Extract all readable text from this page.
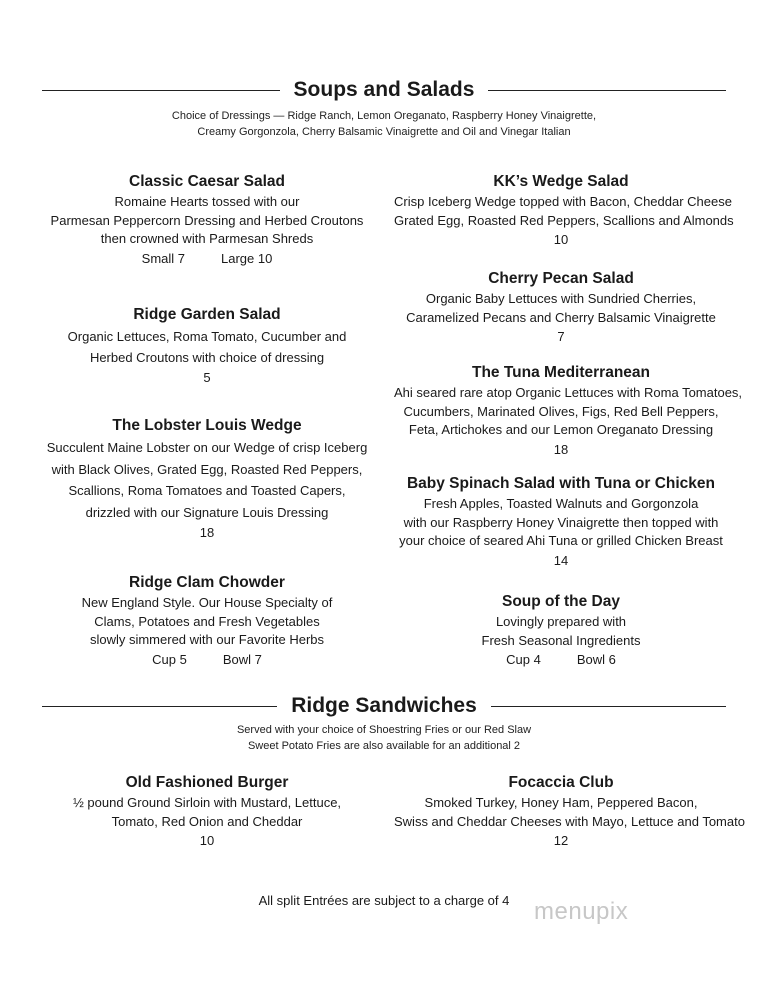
Soups and Salads
Choice of Dressings — Ridge Ranch, Lemon Oreganato, Raspberry Honey Vinaigrette,
Creamy Gorgonzola, Cherry Balsamic Vinaigrette and Oil and Vinegar Italian
Classic Caesar Salad
Romaine Hearts tossed with our
Parmesan Peppercorn Dressing and Herbed Croutons
then crowned with Parmesan Shreds
Small 7	Large 10
Ridge Garden Salad
Organic Lettuces, Roma Tomato, Cucumber and
Herbed Croutons with choice of dressing
5
The Lobster Louis Wedge
Succulent Maine Lobster on our Wedge of crisp Iceberg
with Black Olives, Grated Egg, Roasted Red Peppers,
Scallions, Roma Tomatoes and Toasted Capers,
drizzled with our Signature Louis Dressing
18
Ridge Clam Chowder
New England Style. Our House Specialty of
Clams, Potatoes and Fresh Vegetables
slowly simmered with our Favorite Herbs
Cup 5	Bowl 7
KK’s Wedge Salad
Crisp Iceberg Wedge topped with Bacon, Cheddar Cheese
Grated Egg, Roasted Red Peppers, Scallions and Almonds
10
Cherry Pecan Salad
Organic Baby Lettuces with Sundried Cherries,
Caramelized Pecans and Cherry Balsamic Vinaigrette
7
The Tuna Mediterranean
Ahi seared rare atop Organic Lettuces with Roma Tomatoes,
Cucumbers, Marinated Olives, Figs, Red Bell Peppers,
Feta, Artichokes and our Lemon Oreganato Dressing
18
Baby Spinach Salad with Tuna or Chicken
Fresh Apples, Toasted Walnuts and Gorgonzola
with our Raspberry Honey Vinaigrette then topped with
your choice of seared Ahi Tuna or grilled Chicken Breast
14
Soup of the Day
Lovingly prepared with
Fresh Seasonal Ingredients
Cup 4	Bowl 6
Ridge Sandwiches
Served with your choice of Shoestring Fries or our Red Slaw
Sweet Potato Fries are also available for an additional 2
Old Fashioned Burger
½ pound Ground Sirloin with Mustard, Lettuce,
Tomato, Red Onion and Cheddar
10
Focaccia Club
Smoked Turkey, Honey Ham, Peppered Bacon,
Swiss and Cheddar Cheeses with Mayo, Lettuce and Tomato
12
All split Entrées are subject to a charge of 4	menupix
